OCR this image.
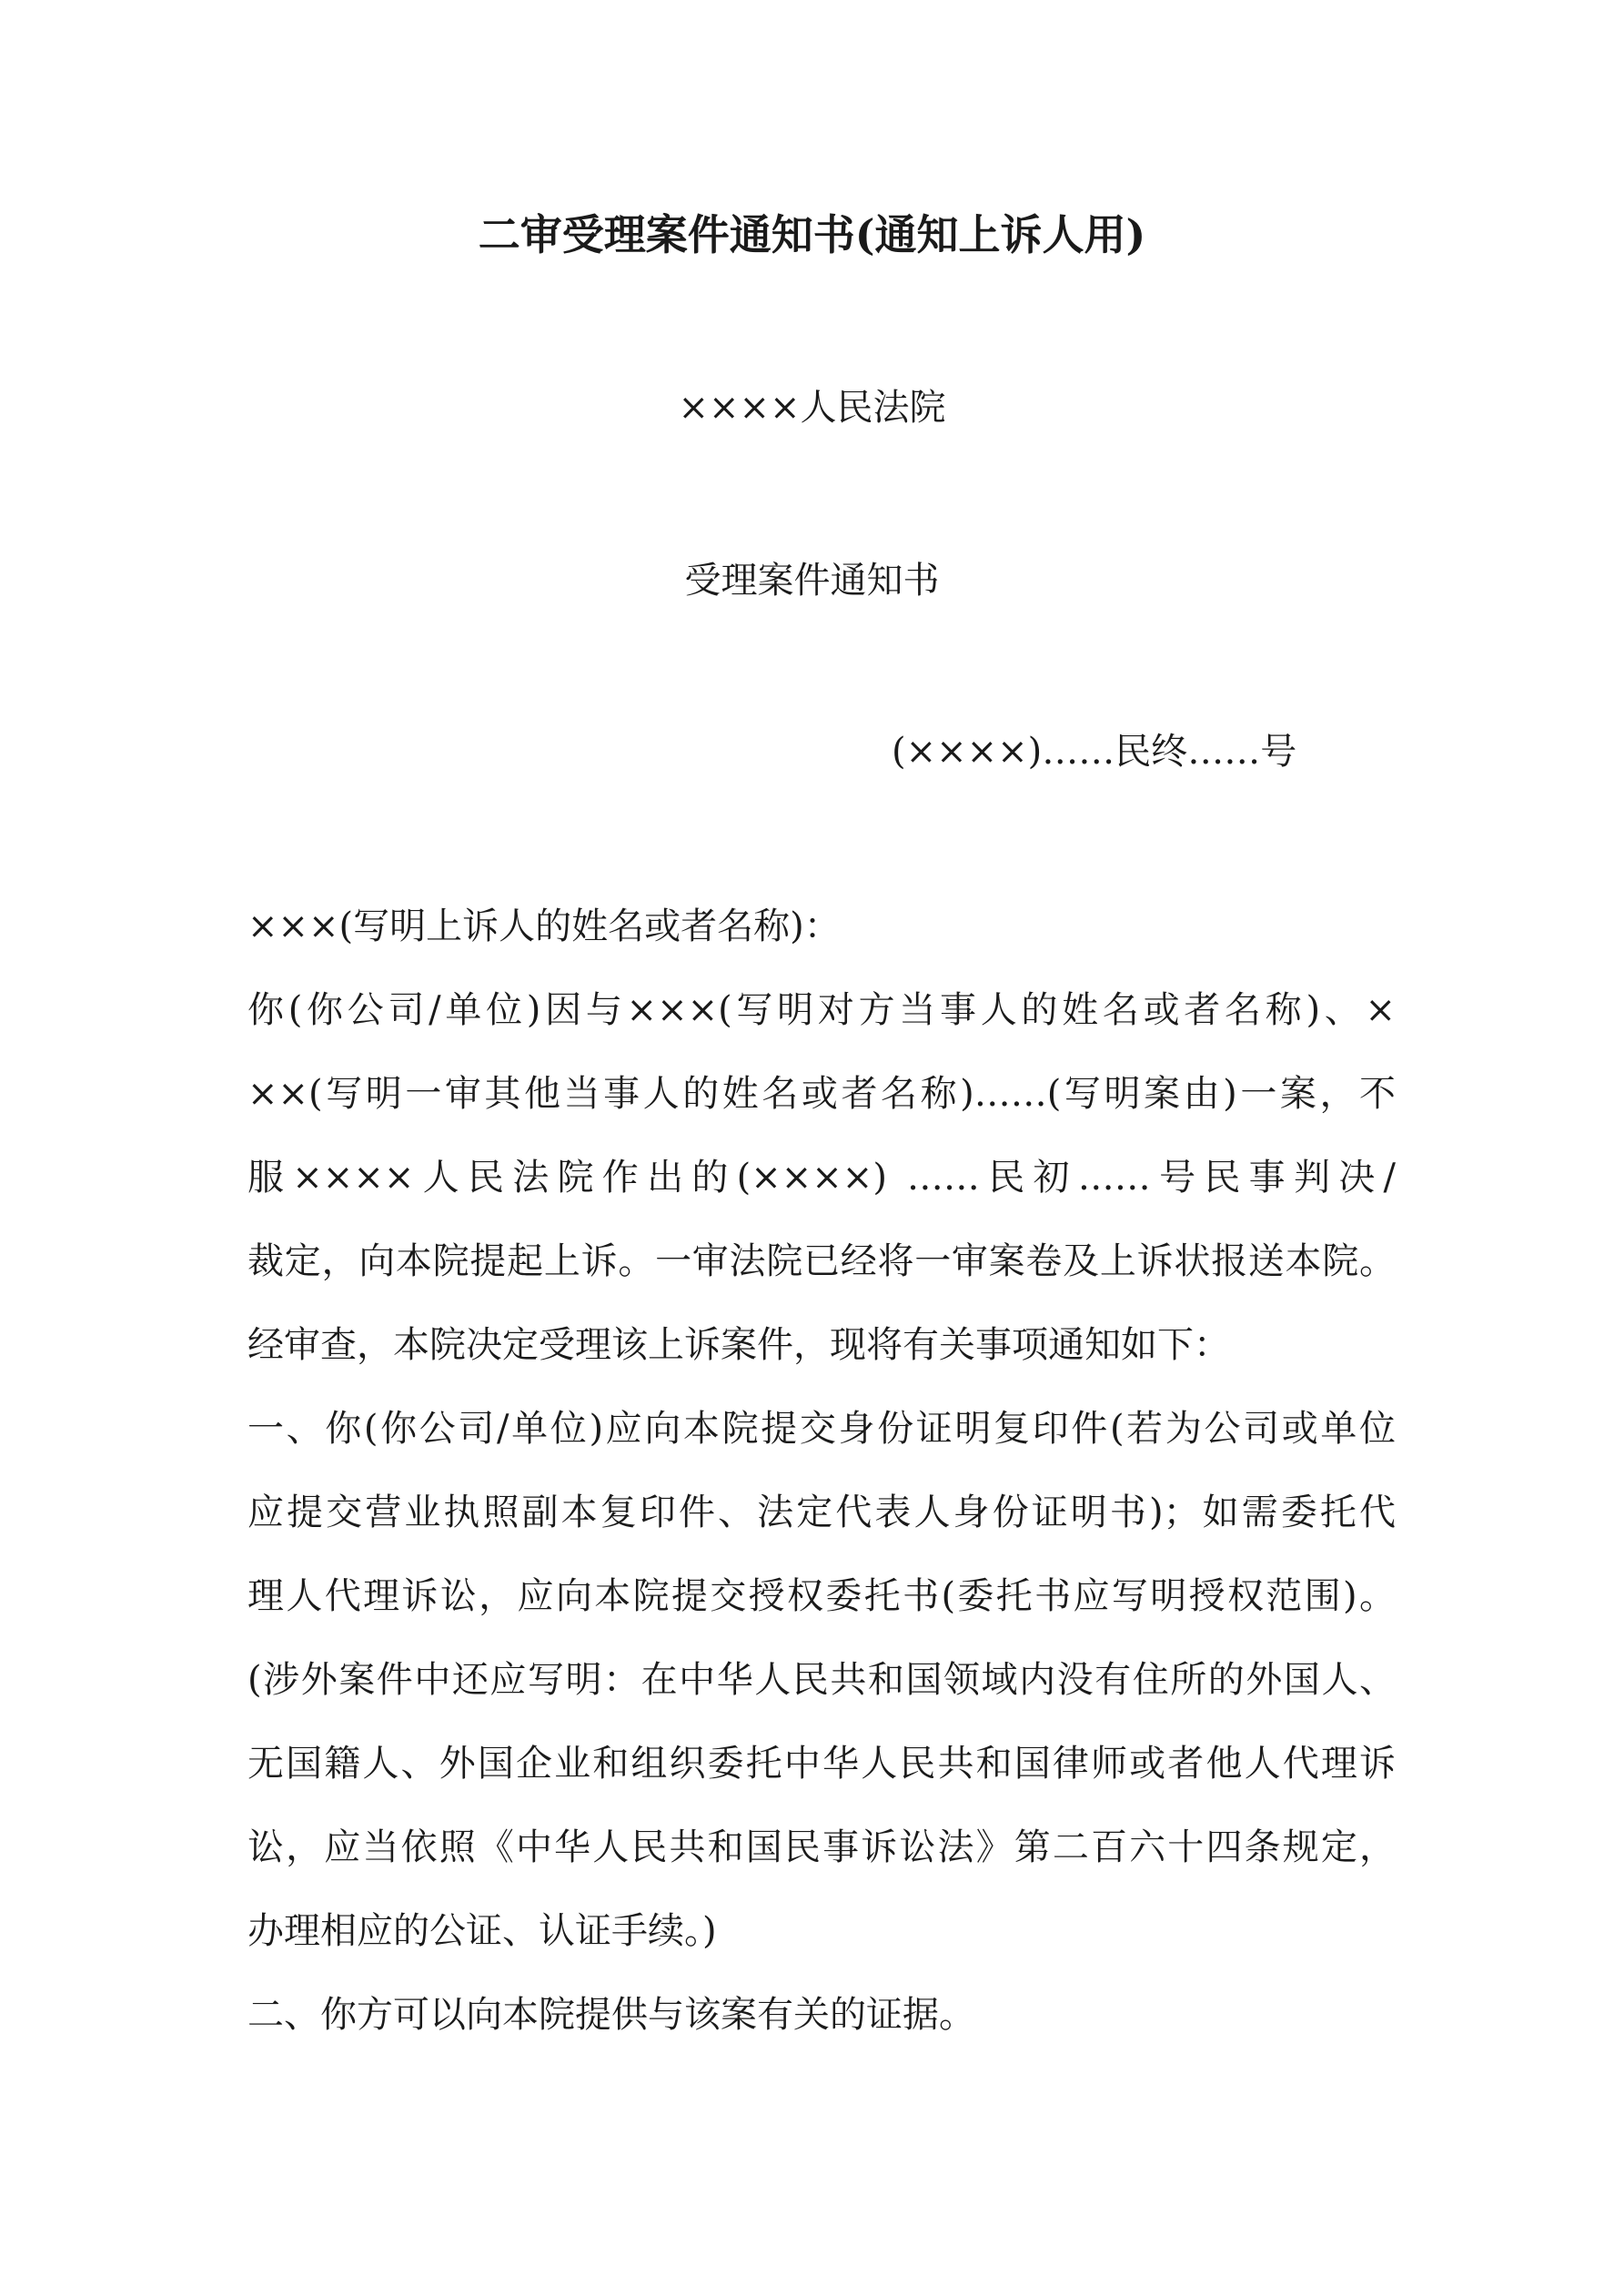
二审受理案件通知书(通知上诉人用)

××××人民法院

受理案件通知书

(××××)……民终……号
×××(写明上诉人的姓名或者名称)：
你(你公司/单位)因与×××(写明对方当事人的姓名或者名称)、×
××(写明一审其他当事人的姓名或者名称)……(写明案由)一案，不
服××××人民法院作出的(××××) ……民初……号民事判决/
裁定，向本院提起上诉。一审法院已经将一审案卷及上诉状报送本院。
经审查，本院决定受理该上诉案件，现将有关事项通知如下：
一、你(你公司/单位)应向本院提交身份证明复印件(若为公司或单位
应提交营业执照副本复印件、法定代表人身份证明书)；如需委托代
理人代理诉讼，应向本院提交授权委托书(委托书应写明授权范围)。
(涉外案件中还应写明：在中华人民共和国领域内没有住所的外国人、
无国籍人、外国企业和组织委托中华人民共和国律师或者他人代理诉
讼，应当依照《中华人民共和国民事诉讼法》第二百六十四条规定，
办理相应的公证、认证手续。)
二、你方可以向本院提供与该案有关的证据。
